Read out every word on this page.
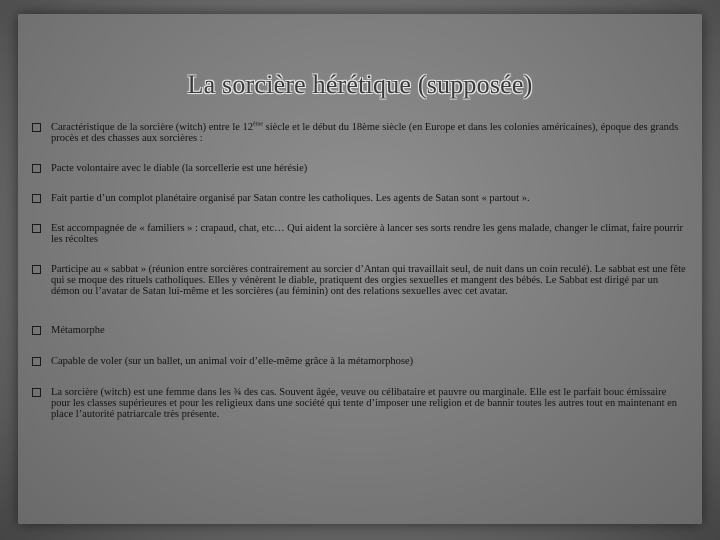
La sorcière hérétique (supposée)
Caractéristique de la sorcière (witch) entre le 12ème siècle et le début du 18ème siècle (en Europe et dans les colonies américaines), époque des grands procès et des chasses aux sorcières :
Pacte volontaire avec le diable (la sorcellerie est une hérésie)
Fait partie d’un complot planétaire organisé par Satan contre les catholiques. Les agents de Satan sont « partout ».
Est accompagnée de « familiers » : crapaud, chat, etc… Qui aident la sorcière à lancer ses sorts rendre les gens malade, changer le climat, faire pourrir les récoltes
Participe au « sabbat » (réunion entre sorcières contrairement au sorcier d’Antan qui travaillait seul, de nuit dans un coin reculé). Le sabbat est une fête qui se moque des rituels catholiques. Elles y vénèrent le diable, pratiquent des orgies sexuelles et mangent des bébés. Le Sabbat est dirigé par un démon ou l’avatar de Satan lui-même et les sorcières (au féminin) ont des relations sexuelles avec cet avatar.
Métamorphe
Capable de voler (sur un ballet, un animal voir d’elle-même grâce à la métamorphose)
La sorcière (witch) est une femme dans les ¾ des cas. Souvent âgée, veuve ou célibataire et pauvre ou marginale. Elle est le parfait bouc émissaire pour les classes supérieures et pour les religieux dans une société qui tente d’imposer une religion et de bannir toutes les autres tout en maintenant en place l’autorité patriarcale très présente.
